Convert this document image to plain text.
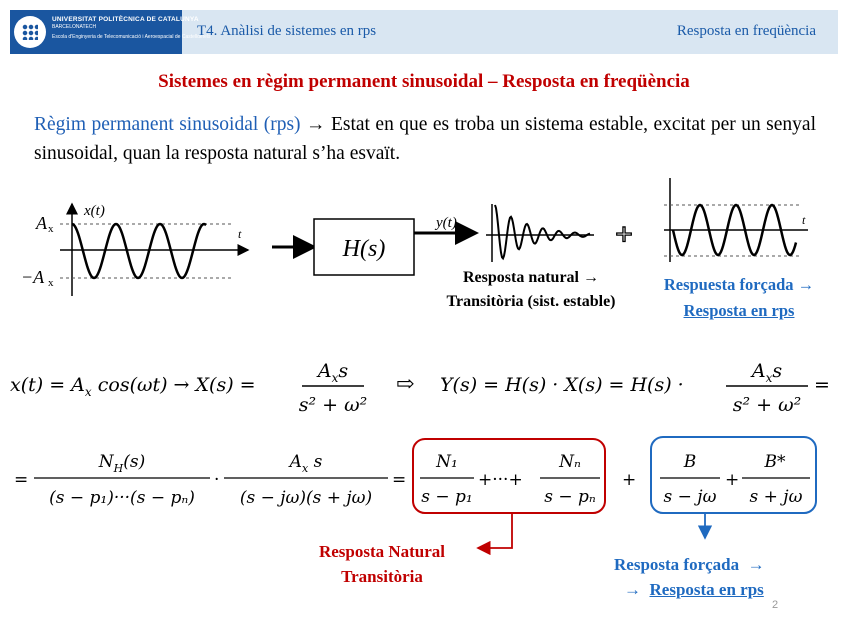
UNIVERSITAT POLITÈCNICA DE CATALUNYA
BARCELONATECH
Escola d'Enginyeria de Telecomunicació i Aeroespacial de Castelldefels
T4. Anàlisi de sistemes en rps	Resposta en freqüència
Sistemes en règim permanent sinusoidal – Resposta en freqüència
Règim permanent sinusoidal (rps) → Estat en que es troba un sistema estable, excitat per un senyal sinusoidal, quan la resposta natural s’ha esvaït.
x(t)
A x
−A x
t
H(s)
y(t)	+	t
$x(t) = A_x$ cos(ωt) → X(s) =
$A_xs$
s² + ω²
⇨ Y(s) = H(s) · X(s) = H(s) ·
$A_xs$
s² + ω²
=
=
$N_H(s)$
(s − p₁)···(s − pₙ)
·
$A_x$ s
(s − jω)(s + jω)
=
N₁
s − p₁
+···+
Nₙ
s − pₙ
+
B
s − jω
+
B*
s + jω
Resposta natural →
Transitòria (sist. estable)
Respuesta forçada →
Resposta en rps
Resposta Natural
Transitòria
Resposta forçada →
→ Resposta en rps
2
